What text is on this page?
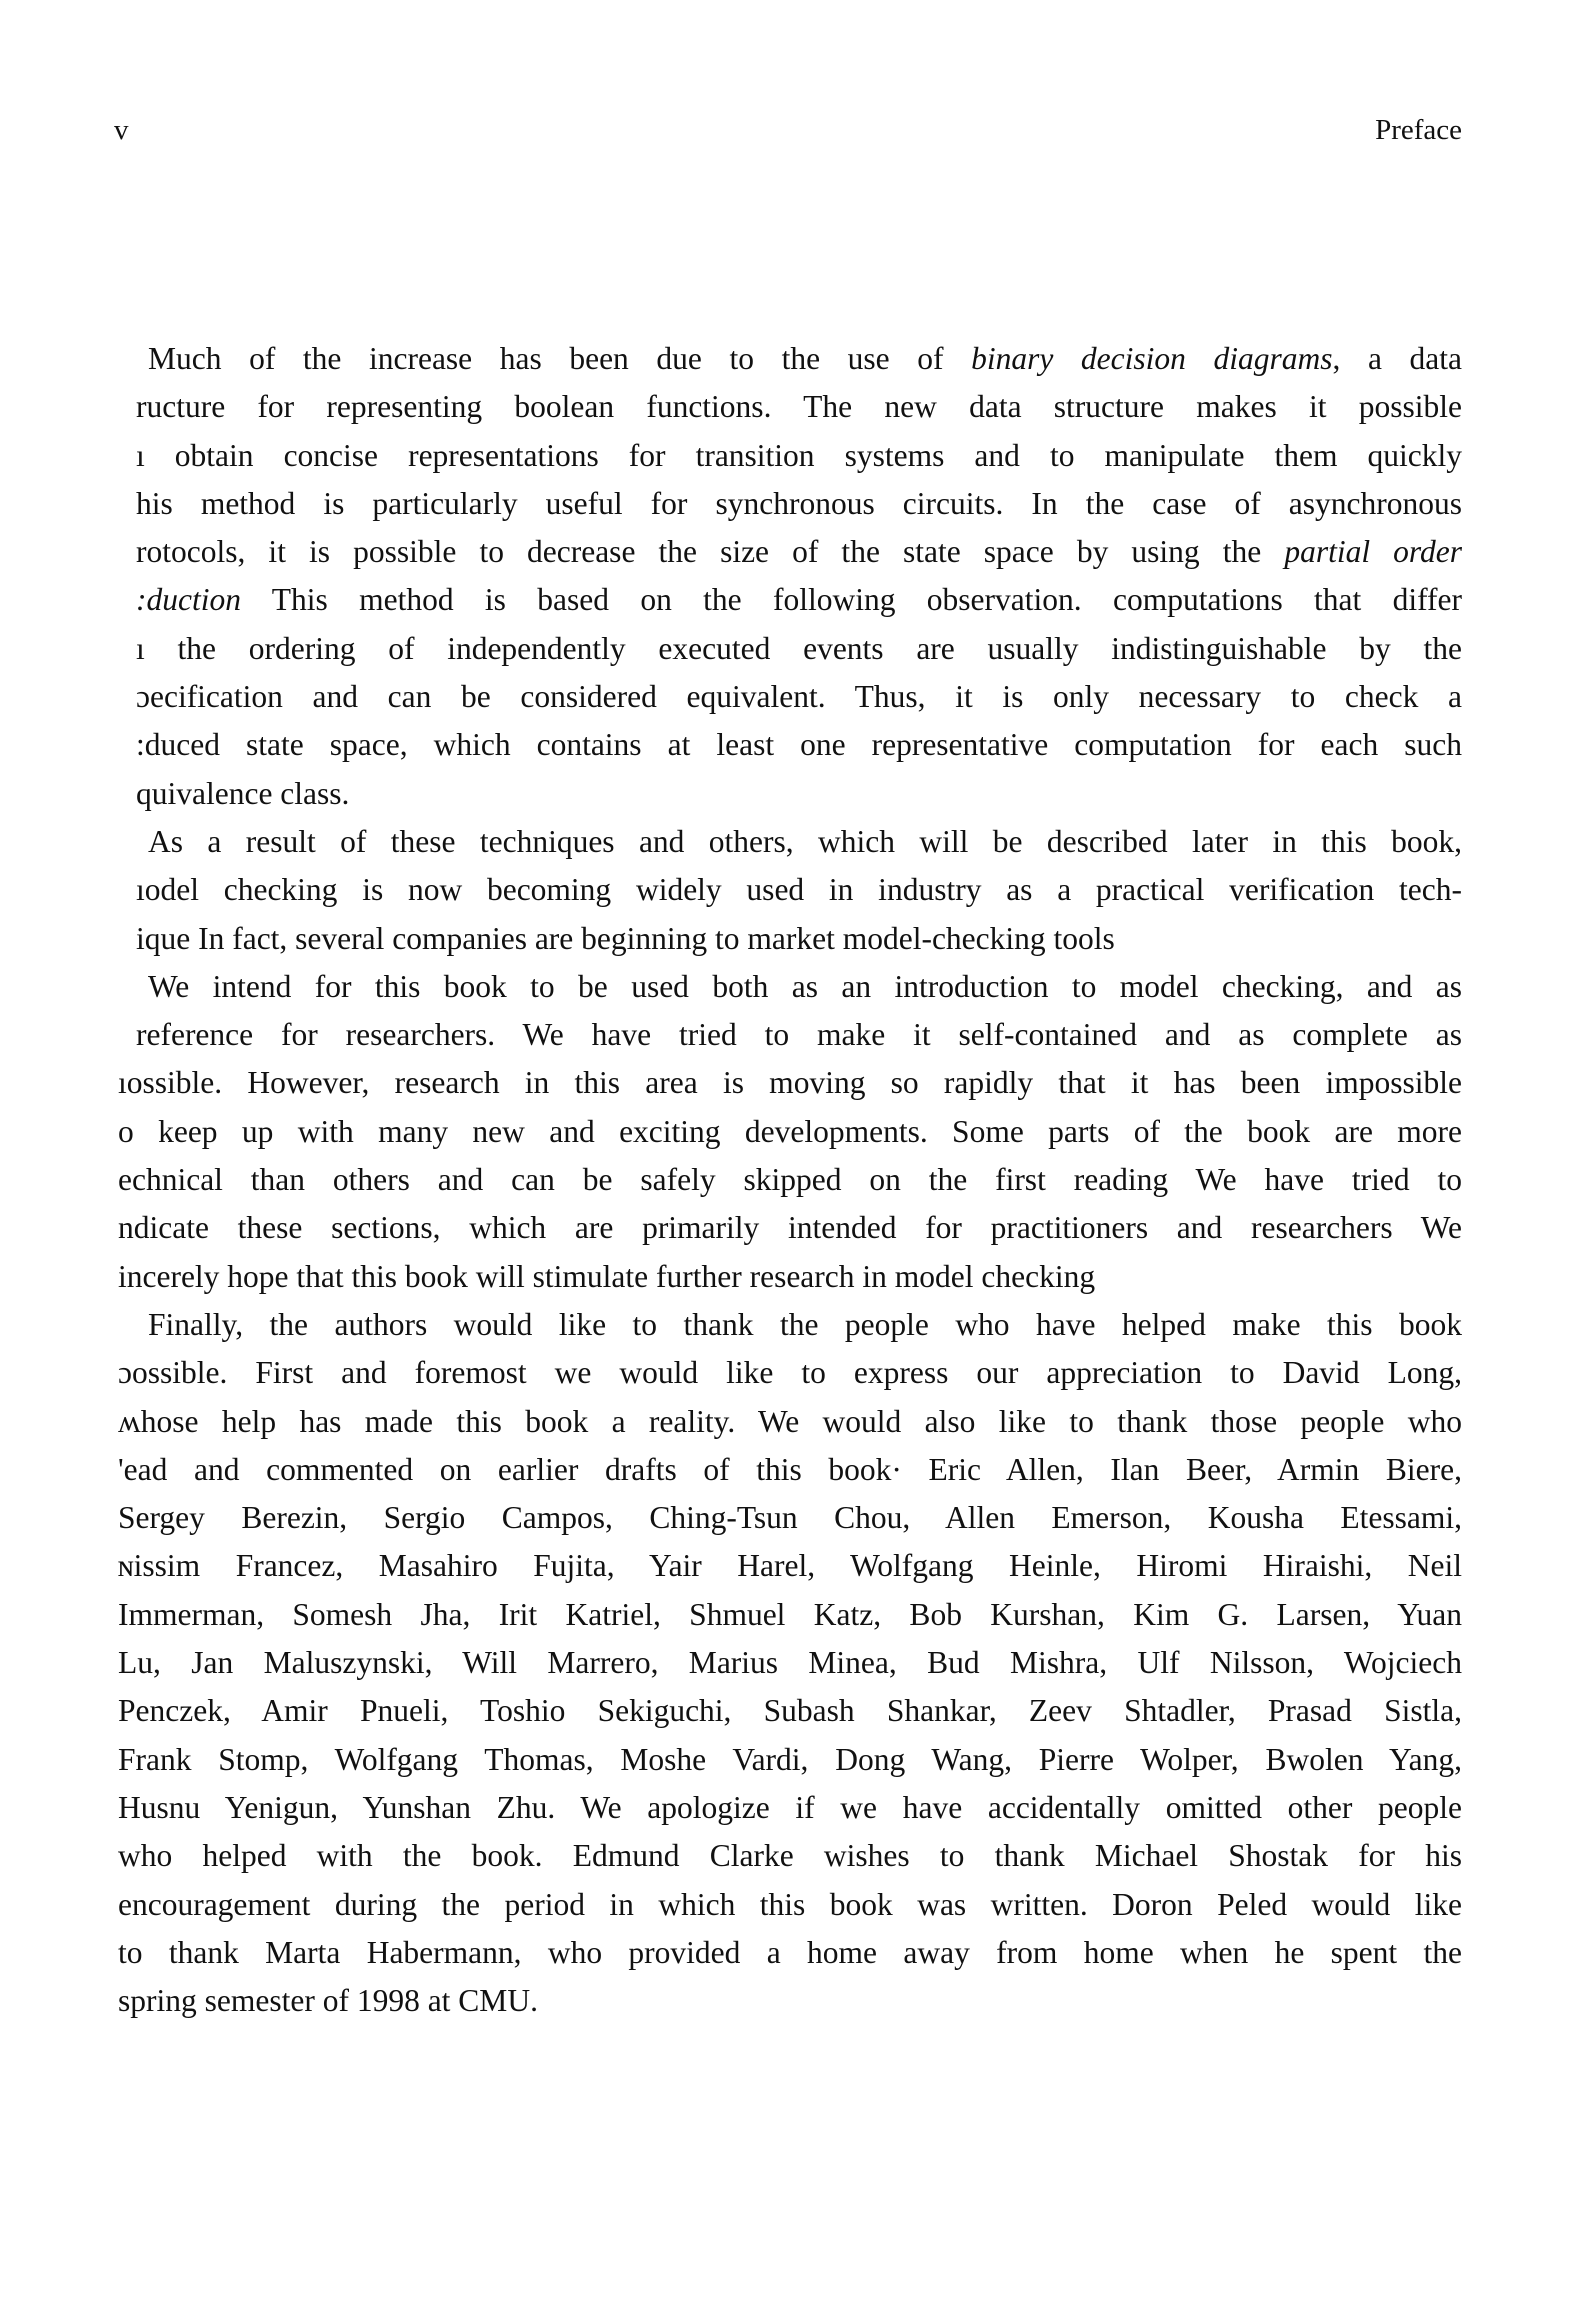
v	Preface
Much of the increase has been due to the use of binary decision diagrams, a data
ructure for representing boolean functions. The new data structure makes it possible
ı obtain concise representations for transition systems and to manipulate them quickly
his method is particularly useful for synchronous circuits. In the case of asynchronous
rotocols, it is possible to decrease the size of the state space by using the partial order
:duction This method is based on the following observation. computations that differ
ı the ordering of independently executed events are usually indistinguishable by the
ɔecification and can be considered equivalent. Thus, it is only necessary to check a
:duced state space, which contains at least one representative computation for each such
quivalence class.
As a result of these techniques and others, which will be described later in this book,
ıodel checking is now becoming widely used in industry as a practical verification tech-
ique In fact, several companies are beginning to market model-checking tools
We intend for this book to be used both as an introduction to model checking, and as
reference for researchers. We have tried to make it self-contained and as complete as
ıossible. However, research in this area is moving so rapidly that it has been impossible
o keep up with many new and exciting developments. Some parts of the book are more
echnical than others and can be safely skipped on the first reading We have tried to
ndicate these sections, which are primarily intended for practitioners and researchers We
incerely hope that this book will stimulate further research in model checking
Finally, the authors would like to thank the people who have helped make this book
ɔossible. First and foremost we would like to express our appreciation to David Long,
ʍhose help has made this book a reality. We would also like to thank those people who
'ead and commented on earlier drafts of this book· Eric Allen, Ilan Beer, Armin Biere,
Sergey Berezin, Sergio Campos, Ching-Tsun Chou, Allen Emerson, Kousha Etessami,
ɴissim Francez, Masahiro Fujita, Yair Harel, Wolfgang Heinle, Hiromi Hiraishi, Neil
Immerman, Somesh Jha, Irit Katriel, Shmuel Katz, Bob Kurshan, Kim G. Larsen, Yuan
Lu, Jan Maluszynski, Will Marrero, Marius Minea, Bud Mishra, Ulf Nilsson, Wojciech
Penczek, Amir Pnueli, Toshio Sekiguchi, Subash Shankar, Zeev Shtadler, Prasad Sistla,
Frank Stomp, Wolfgang Thomas, Moshe Vardi, Dong Wang, Pierre Wolper, Bwolen Yang,
Husnu Yenigun, Yunshan Zhu. We apologize if we have accidentally omitted other people
who helped with the book. Edmund Clarke wishes to thank Michael Shostak for his
encouragement during the period in which this book was written. Doron Peled would like
to thank Marta Habermann, who provided a home away from home when he spent the
spring semester of 1998 at CMU.
